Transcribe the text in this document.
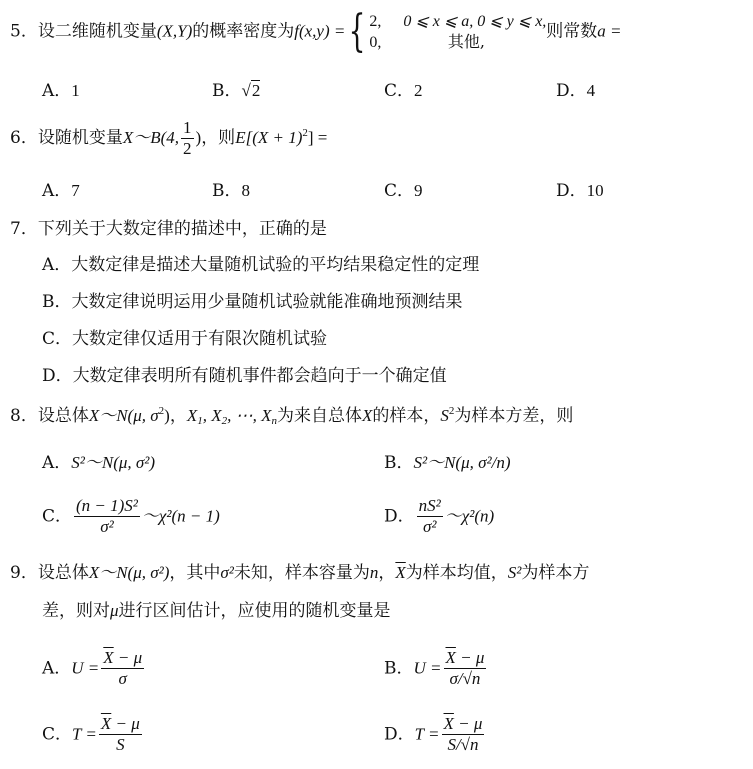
5．设二维随机变量(X,Y)的概率密度为f(x,y) ={ 2, 0 ⩽ x ⩽ a, 0 ⩽ y ⩽ x,
0,	其他,	则常数a =
A．1	B．√2	C．2	D．4
6．设随机变量X～B(4, $\frac{1}{2}$ )，则$E[(X + 1)^2]$ =
A．7	B．8	C．9	D．10
7．下列关于大数定律的描述中，正确的是
A．大数定律是描述大量随机试验的平均结果稳定性的定理
B．大数定律说明运用少量随机试验就能准确地预测结果
C．大数定律仅适用于有限次随机试验
D．大数定律表明所有随机事件都会趋向于一个确定值
8．设总体X～N(μ, $\sigma^2$)，$X_1$, $X_2$, ⋯, $X_n$为来自总体X的样本，$S^2$为样本方差，则
A．S²～N(μ, σ²)	B．S²～N(μ, σ²/n)
C． $\frac{\text{(n − 1)S²}}{\text{σ²}}$ ～χ²(n − 1)	D． $\frac{\text{nS²}}{\text{σ²}}$ ～χ²(n)
9．设总体X～N(μ, σ²)，其中σ²未知，样本容量为n，$\overline{X}$为样本均值，S²为样本方
差，则对μ进行区间估计，应使用的随机变量是
A．$U = \frac{\overline{X} - \mu}{\sigma}$	B．$U = \frac{\overline{X} - \mu}{\sigma/√n}$
C．$T = \frac{\overline{X} - \mu}{S}$	D．$T = \frac{\overline{X} - \mu}{S/√n}$
